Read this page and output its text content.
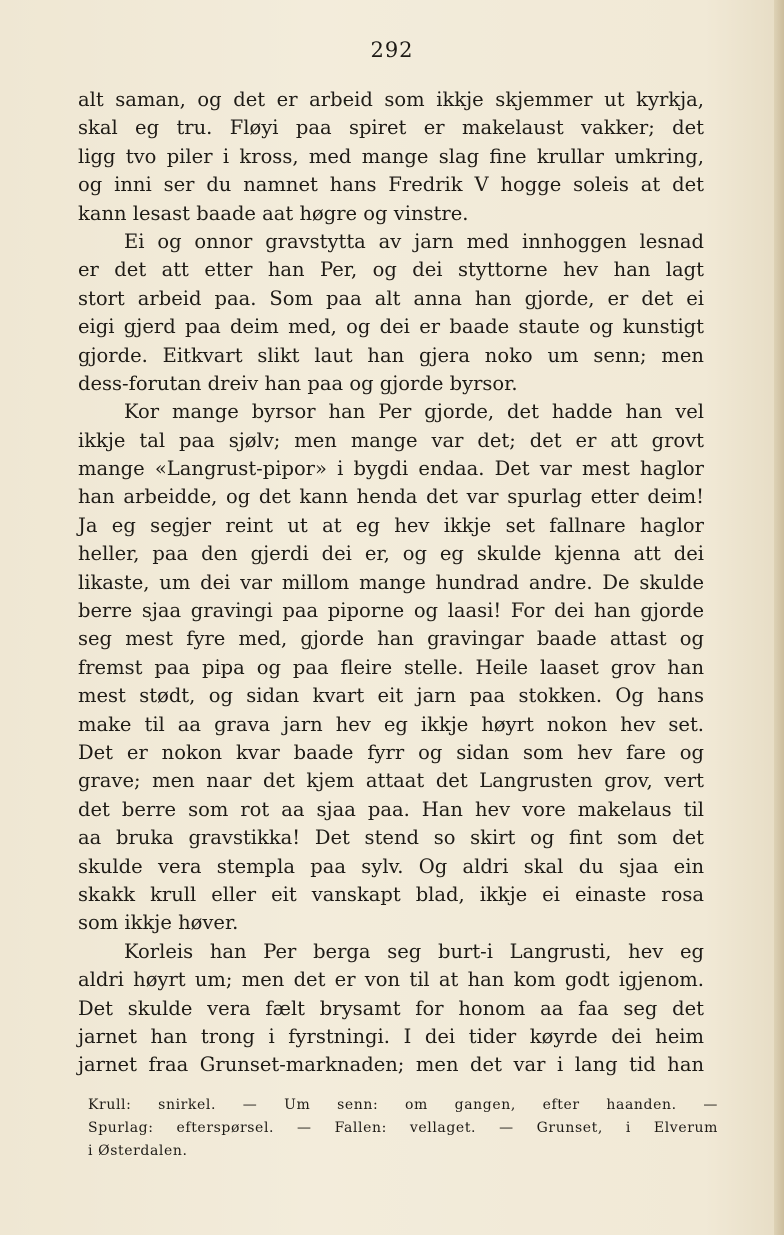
292
alt saman, og det er arbeid som ikkje skjemmer ut kyrkja,
skal eg tru. Fløyi paa spiret er makelaust vakker; det
ligg tvo piler i kross, med mange slag fine krullar umkring,
og inni ser du namnet hans Fredrik V hogge soleis at det
kann lesast baade aat høgre og vinstre.
Ei og onnor gravstytta av jarn med innhoggen lesnad
er det att etter han Per, og dei styttorne hev han lagt
stort arbeid paa. Som paa alt anna han gjorde, er det ei
eigi gjerd paa deim med, og dei er baade staute og kunstigt
gjorde. Eitkvart slikt laut han gjera noko um senn; men
dess-forutan dreiv han paa og gjorde byrsor.
Kor mange byrsor han Per gjorde, det hadde han vel
ikkje tal paa sjølv; men mange var det; det er att grovt
mange «Langrust-pipor» i bygdi endaa. Det var mest haglor
han arbeidde, og det kann henda det var spurlag etter deim!
Ja eg segjer reint ut at eg hev ikkje set fallnare haglor
heller, paa den gjerdi dei er, og eg skulde kjenna att dei
likaste, um dei var millom mange hundrad andre. De skulde
berre sjaa gravingi paa piporne og laasi! For dei han gjorde
seg mest fyre med, gjorde han gravingar baade attast og
fremst paa pipa og paa fleire stelle. Heile laaset grov han
mest stødt, og sidan kvart eit jarn paa stokken. Og hans
make til aa grava jarn hev eg ikkje høyrt nokon hev set.
Det er nokon kvar baade fyrr og sidan som hev fare og
grave; men naar det kjem attaat det Langrusten grov, vert
det berre som rot aa sjaa paa. Han hev vore makelaus til
aa bruka gravstikka! Det stend so skirt og fint som det
skulde vera stempla paa sylv. Og aldri skal du sjaa ein
skakk krull eller eit vanskapt blad, ikkje ei einaste rosa
som ikkje høver.
Korleis han Per berga seg burt-i Langrusti, hev eg
aldri høyrt um; men det er von til at han kom godt igjenom.
Det skulde vera fælt brysamt for honom aa faa seg det
jarnet han trong i fyrstningi. I dei tider køyrde dei heim
jarnet fraa Grunset-marknaden; men det var i lang tid han
Krull: snirkel. — Um senn: om gangen, efter haanden. —
Spurlag: efterspørsel. — Fallen: vellaget. — Grunset, i Elverum
i Østerdalen.
